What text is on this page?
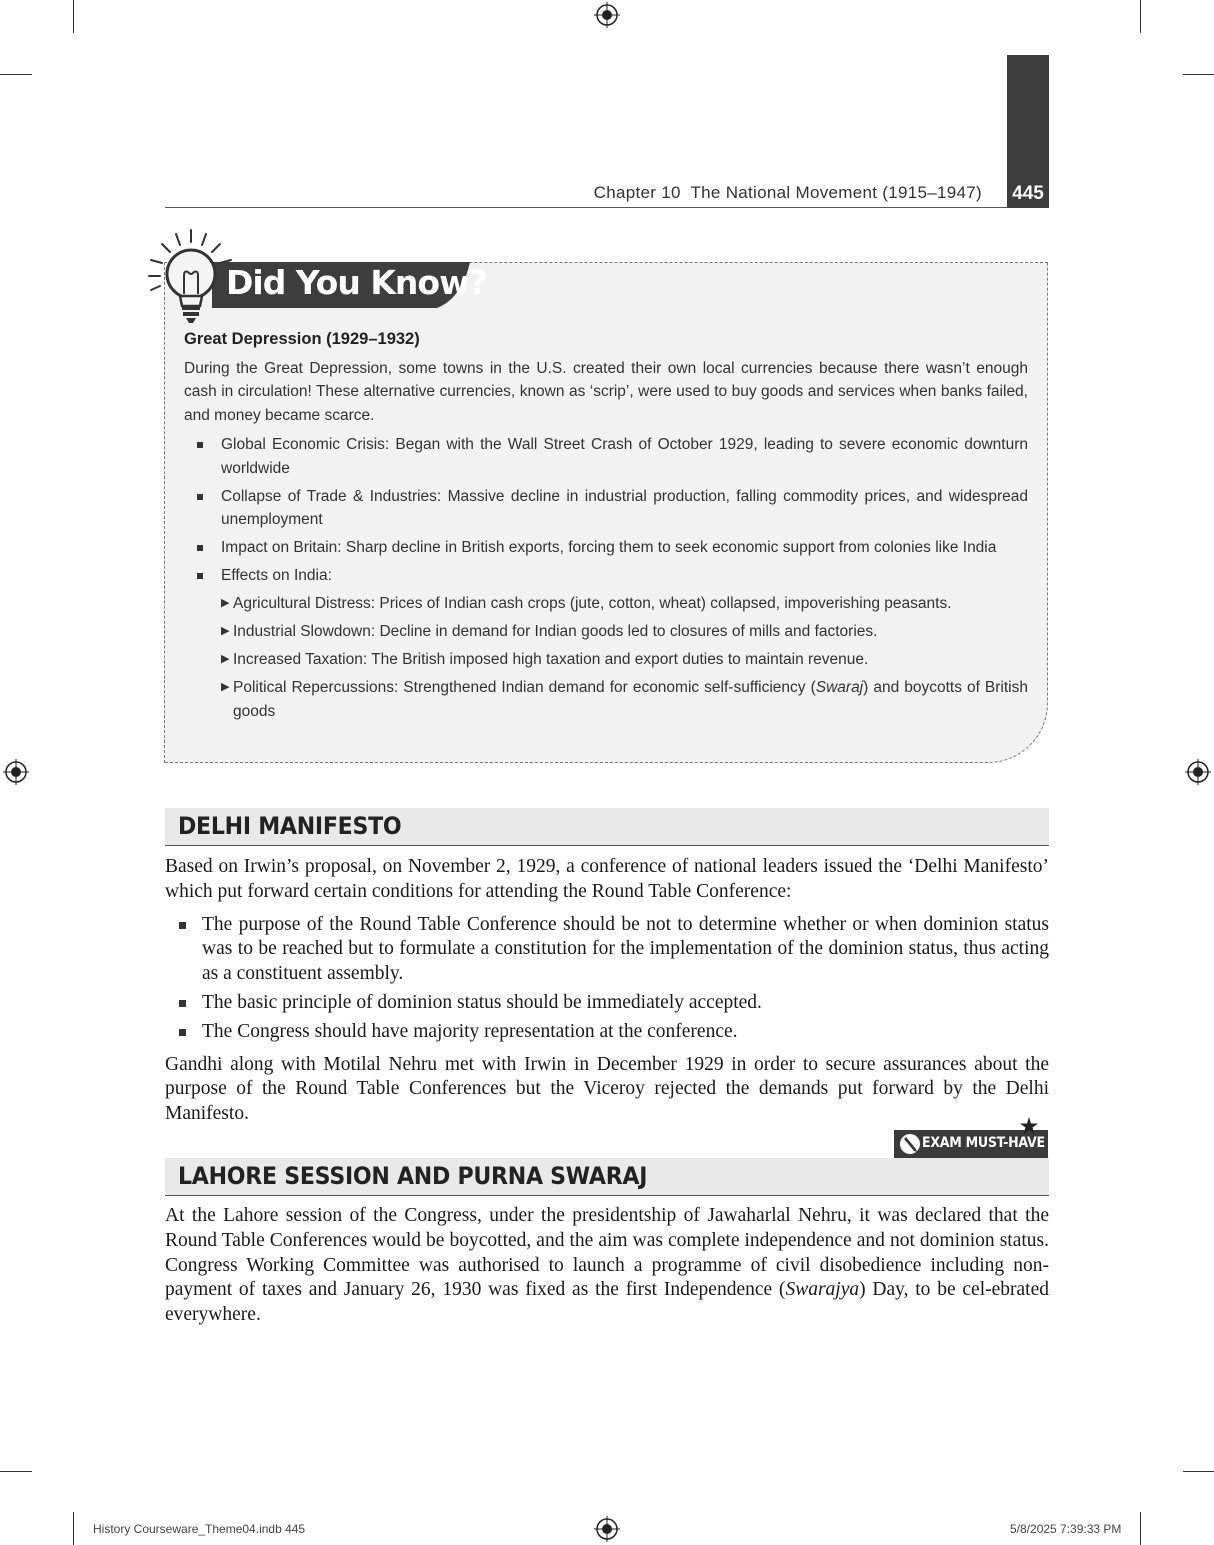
445
Chapter 10  The National Movement (1915–1947)
Did You Know?
Great Depression (1929–1932)

During the Great Depression, some towns in the U.S. created their own local currencies because there wasn’t enough cash in circulation! These alternative currencies, known as ‘scrip’, were used to buy goods and services when banks failed, and money became scarce.

Global Economic Crisis: Began with the Wall Street Crash of October 1929, leading to severe economic downturn worldwide
Collapse of Trade & Industries: Massive decline in industrial production, falling commodity prices, and widespread unemployment
Impact on Britain: Sharp decline in British exports, forcing them to seek economic support from colonies like India
Effects on India:
▶ Agricultural Distress: Prices of Indian cash crops (jute, cotton, wheat) collapsed, impoverishing peasants.
▶ Industrial Slowdown: Decline in demand for Indian goods led to closures of mills and factories.
▶ Increased Taxation: The British imposed high taxation and export duties to maintain revenue.
▶ Political Repercussions: Strengthened Indian demand for economic self-sufficiency (Swaraj) and boycotts of British goods
DELHI MANIFESTO

Based on Irwin’s proposal, on November 2, 1929, a conference of national leaders issued the ‘Delhi Manifesto’ which put forward certain conditions for attending the Round Table Conference:

The purpose of the Round Table Conference should be not to determine whether or when dominion status was to be reached but to formulate a constitution for the implementation of the dominion status, thus acting as a constituent assembly.
The basic principle of dominion status should be immediately accepted.
The Congress should have majority representation at the conference.

Gandhi along with Motilal Nehru met with Irwin in December 1929 in order to secure assurances about the purpose of the Round Table Conferences but the Viceroy rejected the demands put forward by the Delhi Manifesto.

EXAM MUST-HAVE
LAHORE SESSION AND PURNA SWARAJ

At the Lahore session of the Congress, under the presidentship of Jawaharlal Nehru, it was declared that the Round Table Conferences would be boycotted, and the aim was complete independence and not dominion status. Congress Working Committee was authorised to launch a programme of civil disobedience including non-payment of taxes and January 26, 1930 was fixed as the first Independence (Swarajya) Day, to be cel-ebrated everywhere.

History Courseware_Theme04.indb 445	5/8/2025 7:39:33 PM
